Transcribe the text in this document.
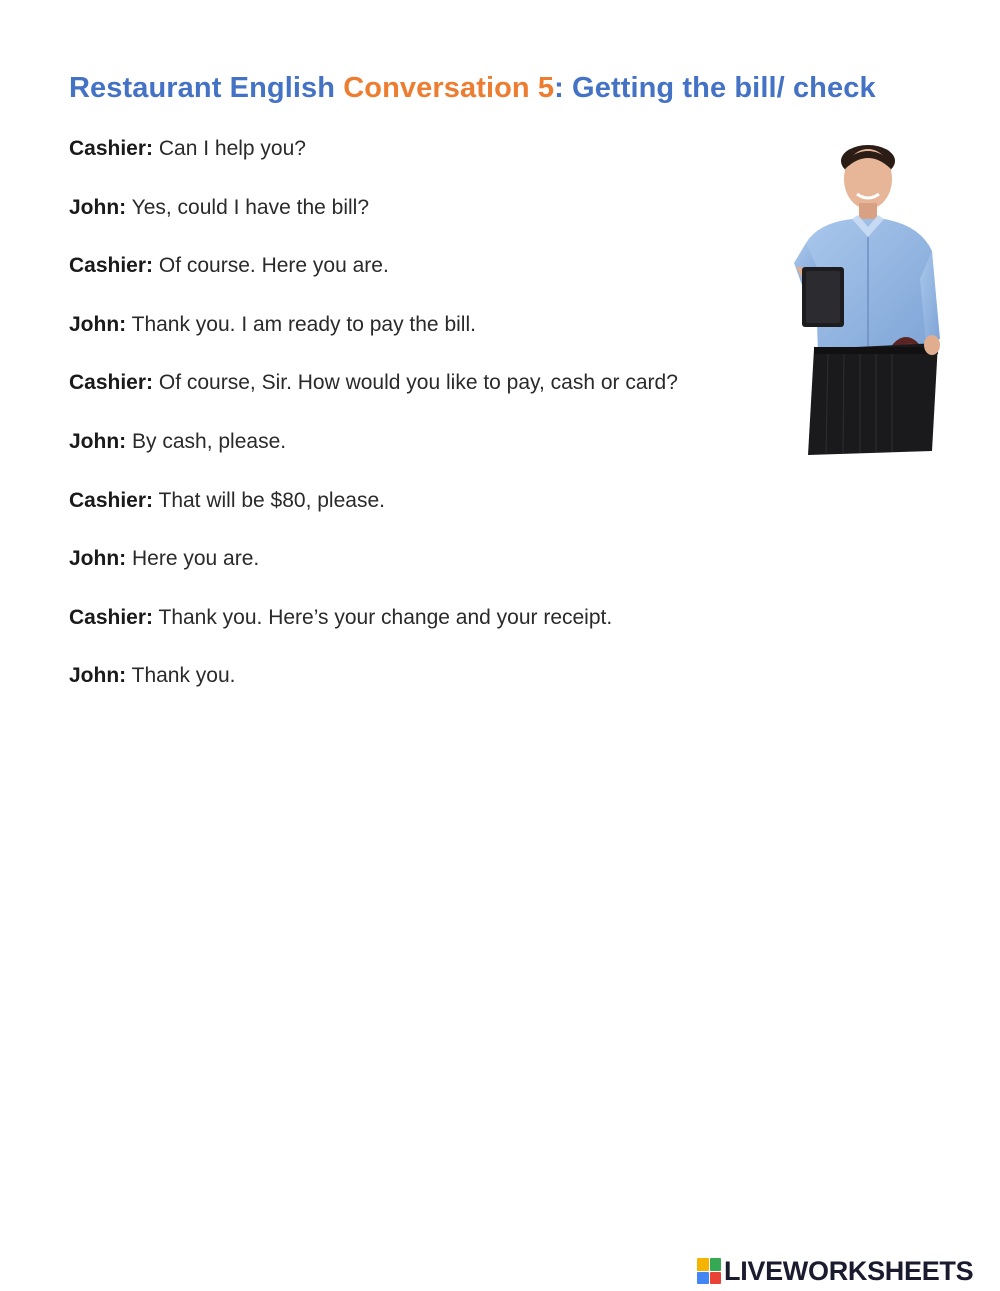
Restaurant English Conversation 5: Getting the bill/ check
Cashier: Can I help you?
John: Yes, could I have the bill?
Cashier: Of course. Here you are.
John: Thank you. I am ready to pay the bill.
Cashier: Of course, Sir. How would you like to pay, cash or card?
John: By cash, please.
Cashier: That will be $80, please.
John: Here you are.
Cashier: Thank you. Here’s your change and your receipt.
John: Thank you.
LIVEWORKSHEETS
